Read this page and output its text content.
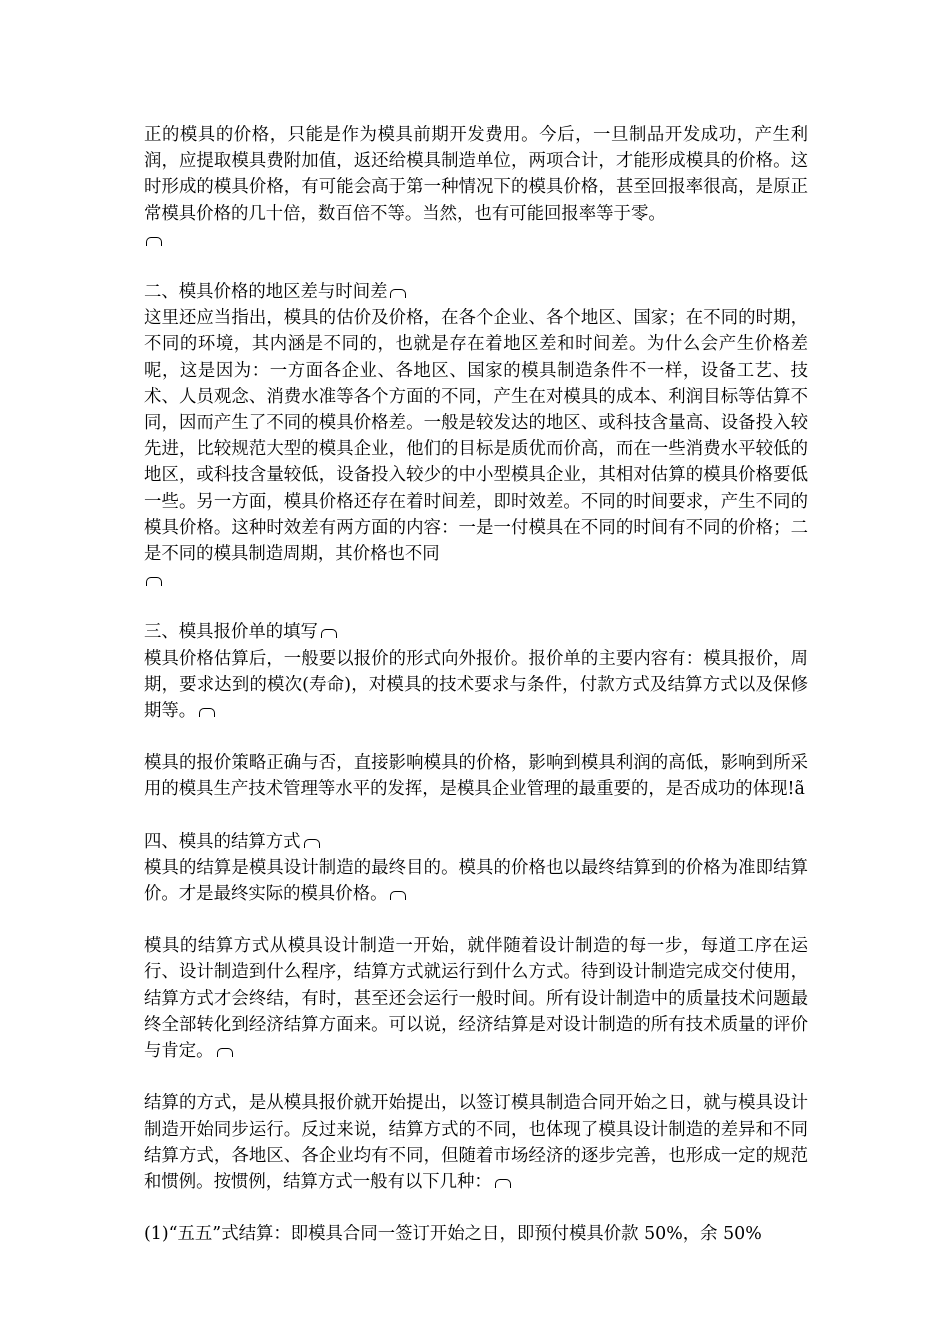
正的模具的价格，只能是作为模具前期开发费用。今后，一旦制品开发成功，产生利润，应提取模具费附加值，返还给模具制造单位，两项合计，才能形成模具的价格。这时形成的模具价格，有可能会高于第一种情况下的模具价格，甚至回报率很高，是原正常模具价格的几十倍，数百倍不等。当然，也有可能回报率等于零。

二、模具价格的地区差与时间差

这里还应当指出，模具的估价及价格，在各个企业、各个地区、国家；在不同的时期，不同的环境，其内涵是不同的，也就是存在着地区差和时间差。为什么会产生价格差呢，这是因为：一方面各企业、各地区、国家的模具制造条件不一样，设备工艺、技术、人员观念、消费水准等各个方面的不同，产生在对模具的成本、利润目标等估算不同，因而产生了不同的模具价格差。一般是较发达的地区、或科技含量高、设备投入较先进，比较规范大型的模具企业，他们的目标是质优而价高，而在一些消费水平较低的地区，或科技含量较低，设备投入较少的中小型模具企业，其相对估算的模具价格要低一些。另一方面，模具价格还存在着时间差，即时效差。不同的时间要求，产生不同的模具价格。这种时效差有两方面的内容：一是一付模具在不同的时间有不同的价格；二是不同的模具制造周期，其价格也不同

三、模具报价单的填写

模具价格估算后，一般要以报价的形式向外报价。报价单的主要内容有：模具报价，周期，要求达到的模次(寿命)，对模具的技术要求与条件，付款方式及结算方式以及保修期等。

模具的报价策略正确与否，直接影响模具的价格，影响到模具利润的高低，影响到所采用的模具生产技术管理等水平的发挥，是模具企业管理的最重要的，是否成功的体现!ã

四、模具的结算方式

模具的结算是模具设计制造的最终目的。模具的价格也以最终结算到的价格为准即结算价。才是最终实际的模具价格。

模具的结算方式从模具设计制造一开始，就伴随着设计制造的每一步，每道工序在运行、设计制造到什么程序，结算方式就运行到什么方式。待到设计制造完成交付使用，结算方式才会终结，有时，甚至还会运行一般时间。所有设计制造中的质量技术问题最终全部转化到经济结算方面来。可以说，经济结算是对设计制造的所有技术质量的评价与肯定。

结算的方式，是从模具报价就开始提出，以签订模具制造合同开始之日，就与模具设计制造开始同步运行。反过来说，结算方式的不同，也体现了模具设计制造的差异和不同结算方式，各地区、各企业均有不同，但随着市场经济的逐步完善，也形成一定的规范和惯例。按惯例，结算方式一般有以下几种：

(1)“五五”式结算：即模具合同一签订开始之日，即预付模具价款 50%，余 50%
